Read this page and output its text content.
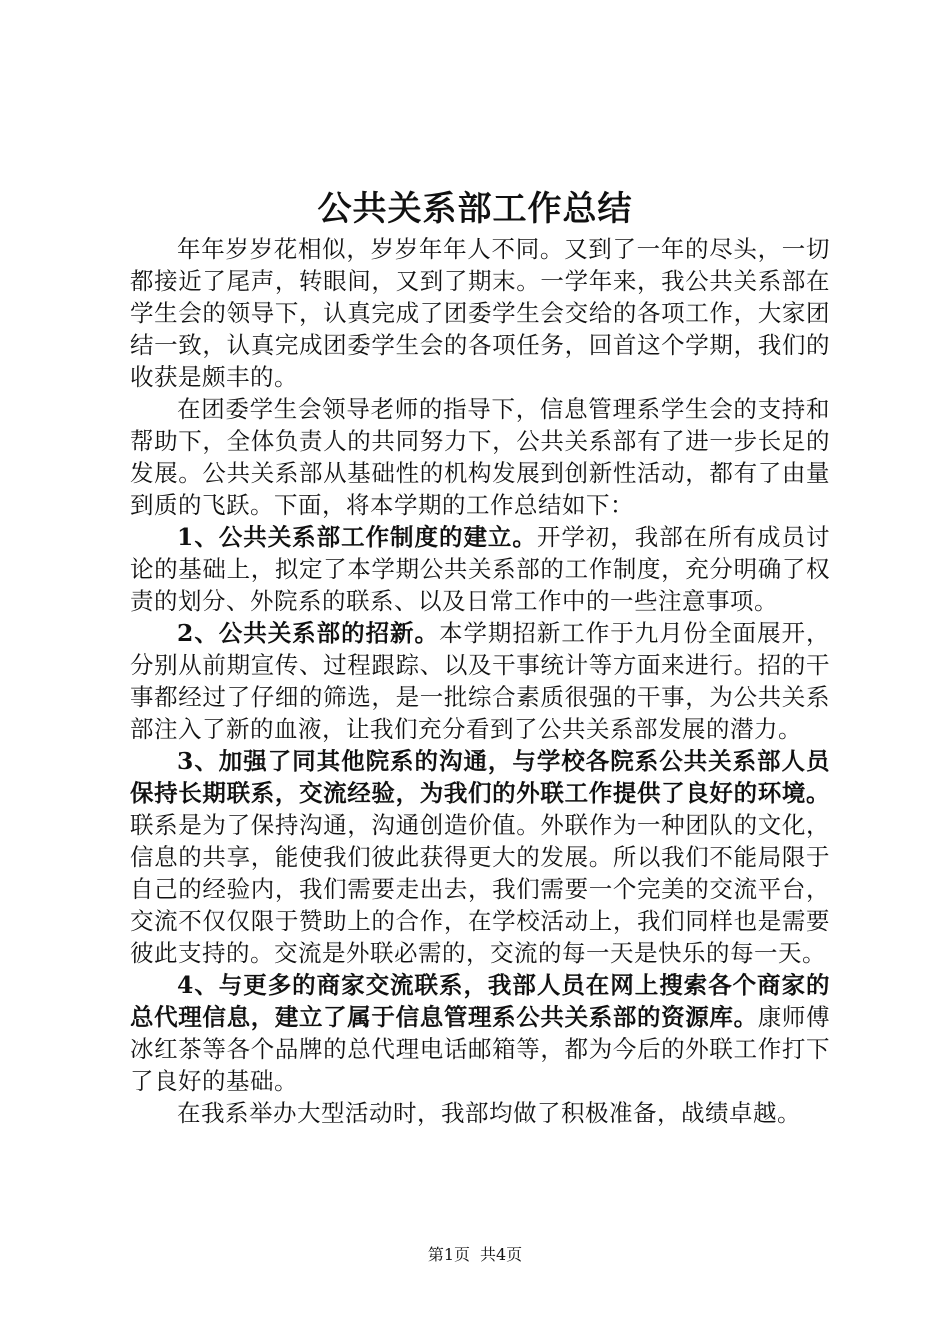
公共关系部工作总结

年年岁岁花相似，岁岁年年人不同。又到了一年的尽头，一切都接近了尾声，转眼间，又到了期末。一学年来，我公共关系部在学生会的领导下，认真完成了团委学生会交给的各项工作，大家团结一致，认真完成团委学生会的各项任务，回首这个学期，我们的收获是颇丰的。

在团委学生会领导老师的指导下，信息管理系学生会的支持和帮助下，全体负责人的共同努力下，公共关系部有了进一步长足的发展。公共关系部从基础性的机构发展到创新性活动，都有了由量到质的飞跃。下面，将本学期的工作总结如下：

1、公共关系部工作制度的建立。开学初，我部在所有成员讨论的基础上，拟定了本学期公共关系部的工作制度，充分明确了权责的划分、外院系的联系、以及日常工作中的一些注意事项。

2、公共关系部的招新。本学期招新工作于九月份全面展开，分别从前期宣传、过程跟踪、以及干事统计等方面来进行。招的干事都经过了仔细的筛选，是一批综合素质很强的干事，为公共关系部注入了新的血液，让我们充分看到了公共关系部发展的潜力。

3、加强了同其他院系的沟通，与学校各院系公共关系部人员保持长期联系，交流经验，为我们的外联工作提供了良好的环境。联系是为了保持沟通，沟通创造价值。外联作为一种团队的文化，信息的共享，能使我们彼此获得更大的发展。所以我们不能局限于自己的经验内，我们需要走出去，我们需要一个完美的交流平台，交流不仅仅限于赞助上的合作，在学校活动上，我们同样也是需要彼此支持的。交流是外联必需的，交流的每一天是快乐的每一天。

4、与更多的商家交流联系，我部人员在网上搜索各个商家的总代理信息，建立了属于信息管理系公共关系部的资源库。康师傅冰红茶等各个品牌的总代理电话邮箱等，都为今后的外联工作打下了良好的基础。

在我系举办大型活动时，我部均做了积极准备，战绩卓越。

第1页 共4页
